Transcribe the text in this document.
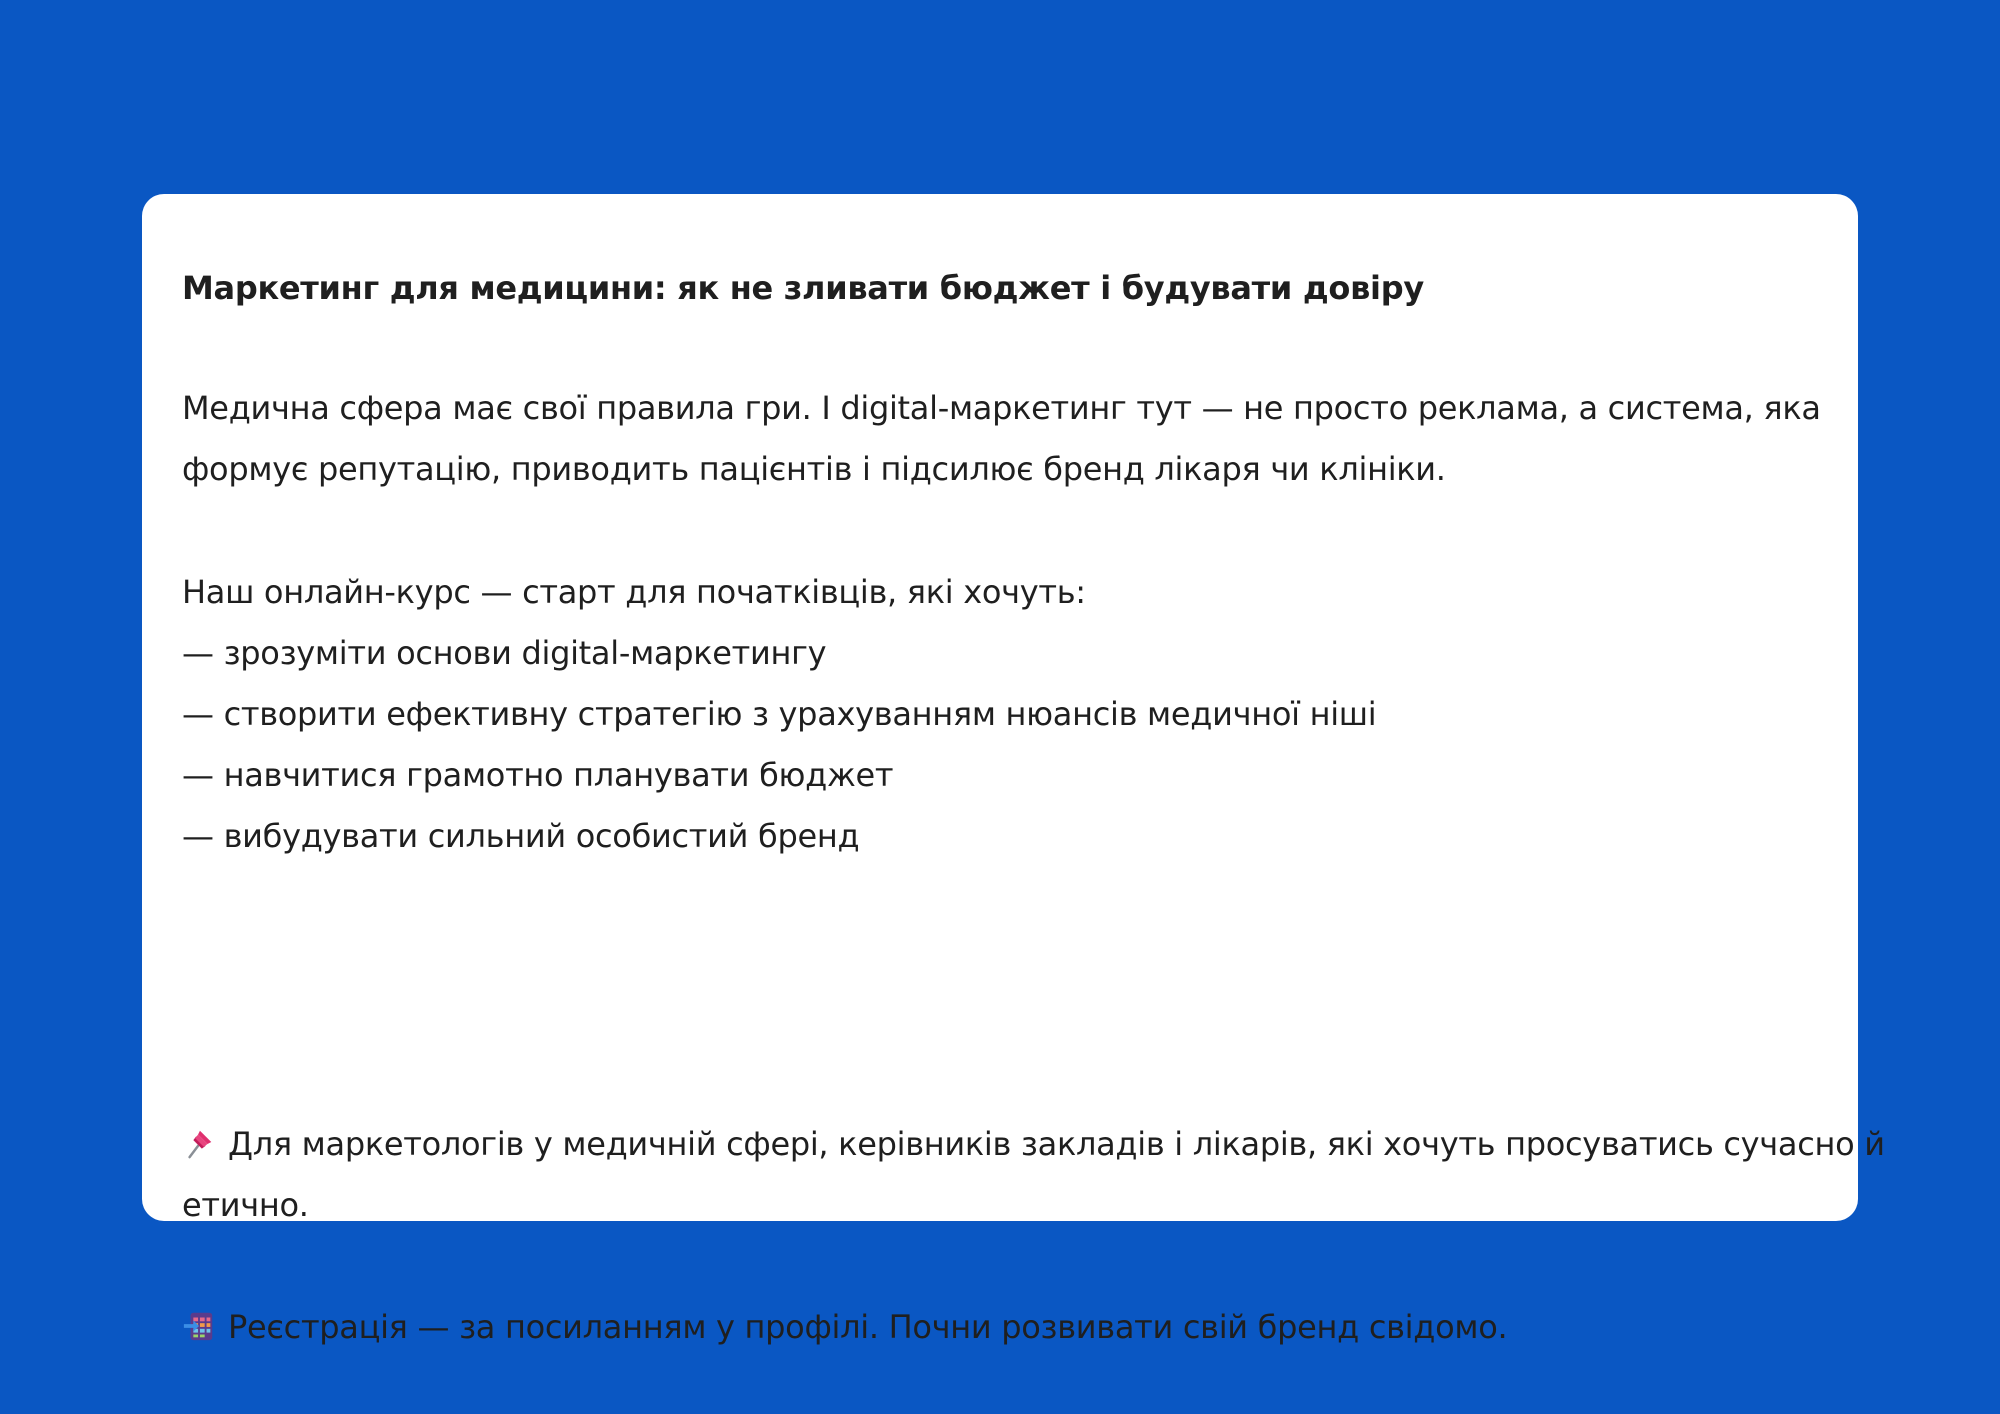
Маркетинг для медицини: як не зливати бюджет і будувати довіру
Медична сфера має свої правила гри. І digital-маркетинг тут — не просто реклама, а система, яка
формує репутацію, приводить пацієнтів і підсилює бренд лікаря чи клініки.
Наш онлайн-курс — старт для початківців, які хочуть:
— зрозуміти основи digital-маркетингу
— створити ефективну стратегію з урахуванням нюансів медичної ніші
— навчитися грамотно планувати бюджет
— вибудувати сильний особистий бренд
Для маркетологів у медичній сфері, керівників закладів і лікарів, які хочуть просуватись сучасно й
етично.
Реєстрація — за посиланням у профілі. Почни розвивати свій бренд свідомо.
